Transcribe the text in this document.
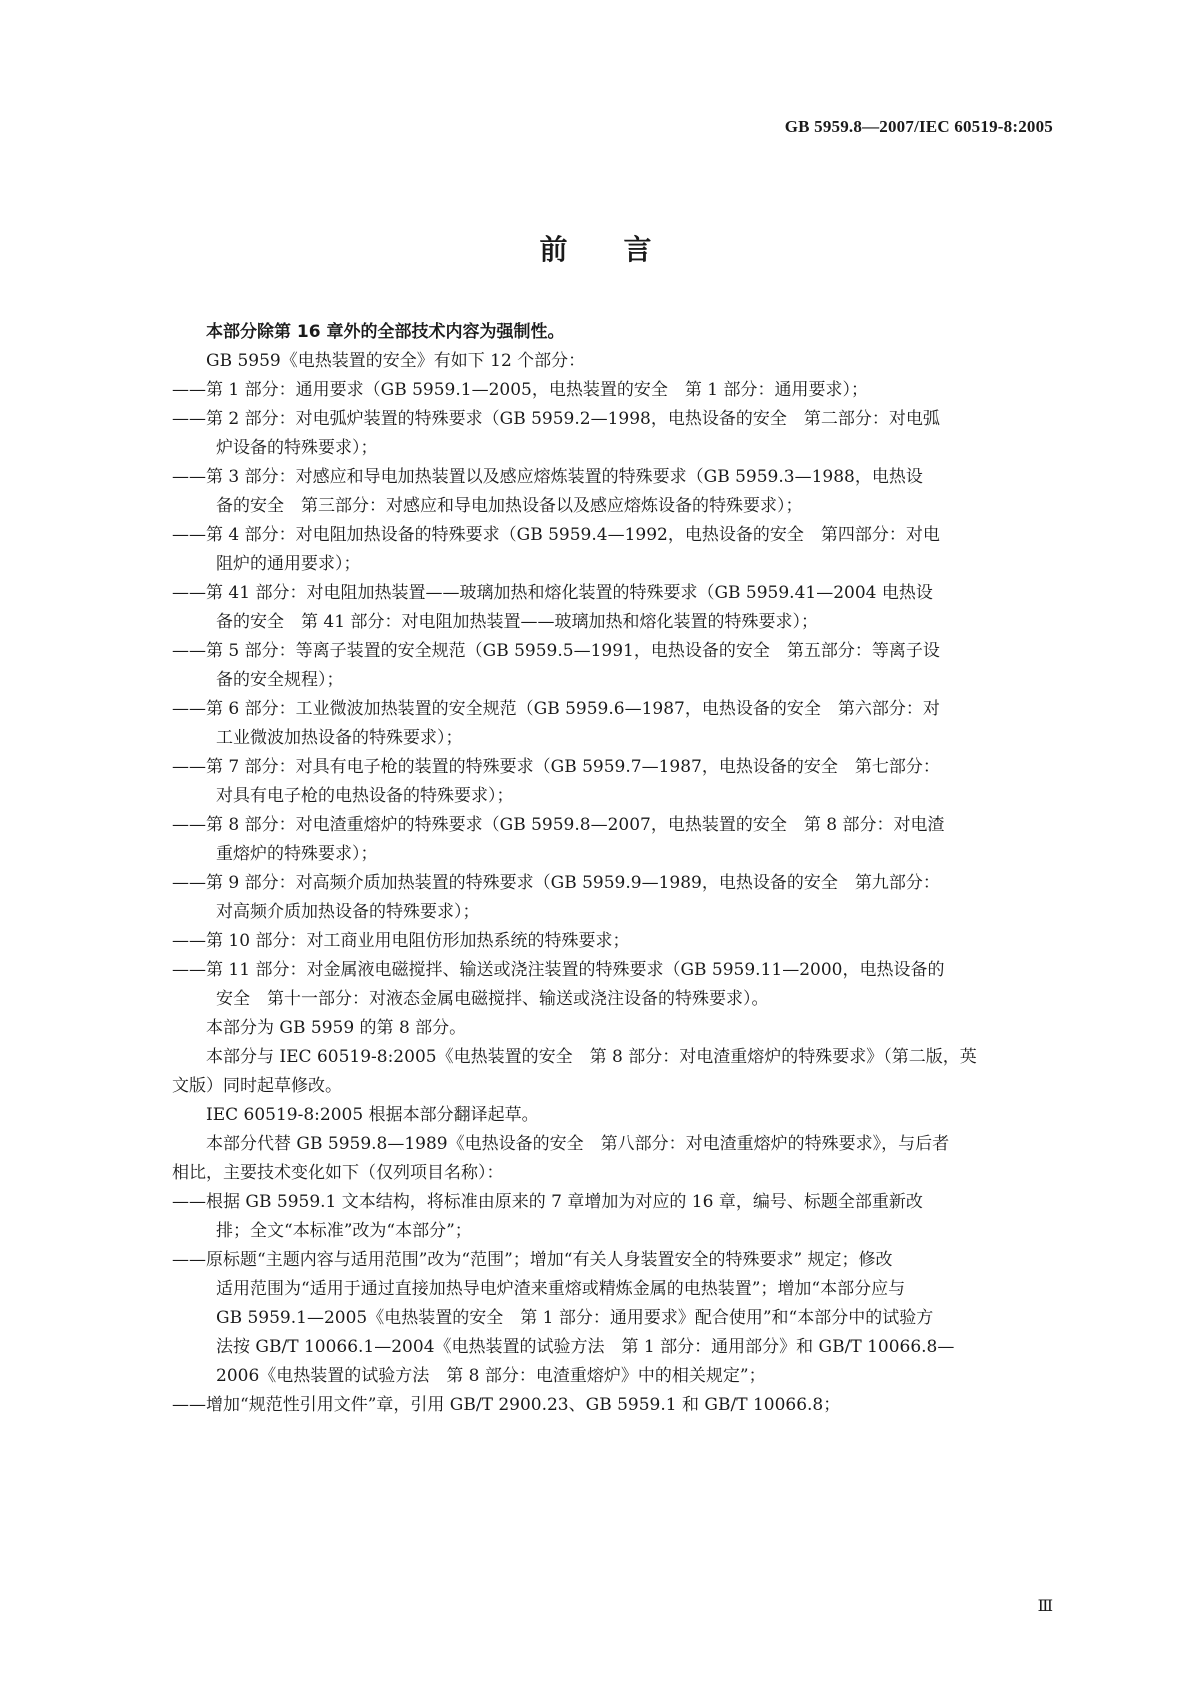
GB 5959.8—2007/IEC 60519-8:2005

前　　言

本部分除第 16 章外的全部技术内容为强制性。

GB 5959《电热装置的安全》有如下 12 个部分：

——第 1 部分：通用要求（GB 5959.1—2005，电热装置的安全　第 1 部分：通用要求）；

——第 2 部分：对电弧炉装置的特殊要求（GB 5959.2—1998，电热设备的安全　第二部分：对电弧

炉设备的特殊要求）；

——第 3 部分：对感应和导电加热装置以及感应熔炼装置的特殊要求（GB 5959.3—1988，电热设

备的安全　第三部分：对感应和导电加热设备以及感应熔炼设备的特殊要求）；

——第 4 部分：对电阻加热设备的特殊要求（GB 5959.4—1992，电热设备的安全　第四部分：对电

阻炉的通用要求）；

——第 41 部分：对电阻加热装置——玻璃加热和熔化装置的特殊要求（GB 5959.41—2004 电热设

备的安全　第 41 部分：对电阻加热装置——玻璃加热和熔化装置的特殊要求）；

——第 5 部分：等离子装置的安全规范（GB 5959.5—1991，电热设备的安全　第五部分：等离子设

备的安全规程）；

——第 6 部分：工业微波加热装置的安全规范（GB 5959.6—1987，电热设备的安全　第六部分：对

工业微波加热设备的特殊要求）；

——第 7 部分：对具有电子枪的装置的特殊要求（GB 5959.7—1987，电热设备的安全　第七部分：

对具有电子枪的电热设备的特殊要求）；

——第 8 部分：对电渣重熔炉的特殊要求（GB 5959.8—2007，电热装置的安全　第 8 部分：对电渣

重熔炉的特殊要求）；

——第 9 部分：对高频介质加热装置的特殊要求（GB 5959.9—1989，电热设备的安全　第九部分：

对高频介质加热设备的特殊要求）；

——第 10 部分：对工商业用电阻仿形加热系统的特殊要求；

——第 11 部分：对金属液电磁搅拌、输送或浇注装置的特殊要求（GB 5959.11—2000，电热设备的

安全　第十一部分：对液态金属电磁搅拌、输送或浇注设备的特殊要求）。

本部分为 GB 5959 的第 8 部分。

本部分与 IEC 60519-8:2005《电热装置的安全　第 8 部分：对电渣重熔炉的特殊要求》（第二版，英

文版）同时起草修改。

IEC 60519-8:2005 根据本部分翻译起草。

本部分代替 GB 5959.8—1989《电热设备的安全　第八部分：对电渣重熔炉的特殊要求》，与后者

相比，主要技术变化如下（仅列项目名称）：

——根据 GB 5959.1 文本结构，将标准由原来的 7 章增加为对应的 16 章，编号、标题全部重新改

排；全文“本标准”改为“本部分”；

——原标题“主题内容与适用范围”改为“范围”；增加“有关人身装置安全的特殊要求” 规定；修改

适用范围为“适用于通过直接加热导电炉渣来重熔或精炼金属的电热装置”；增加“本部分应与

GB 5959.1—2005《电热装置的安全　第 1 部分：通用要求》配合使用”和“本部分中的试验方

法按 GB/T 10066.1—2004《电热装置的试验方法　第 1 部分：通用部分》和 GB/T 10066.8—

2006《电热装置的试验方法　第 8 部分：电渣重熔炉》中的相关规定”；

——增加“规范性引用文件”章，引用 GB/T 2900.23、GB 5959.1 和 GB/T 10066.8；

Ⅲ
